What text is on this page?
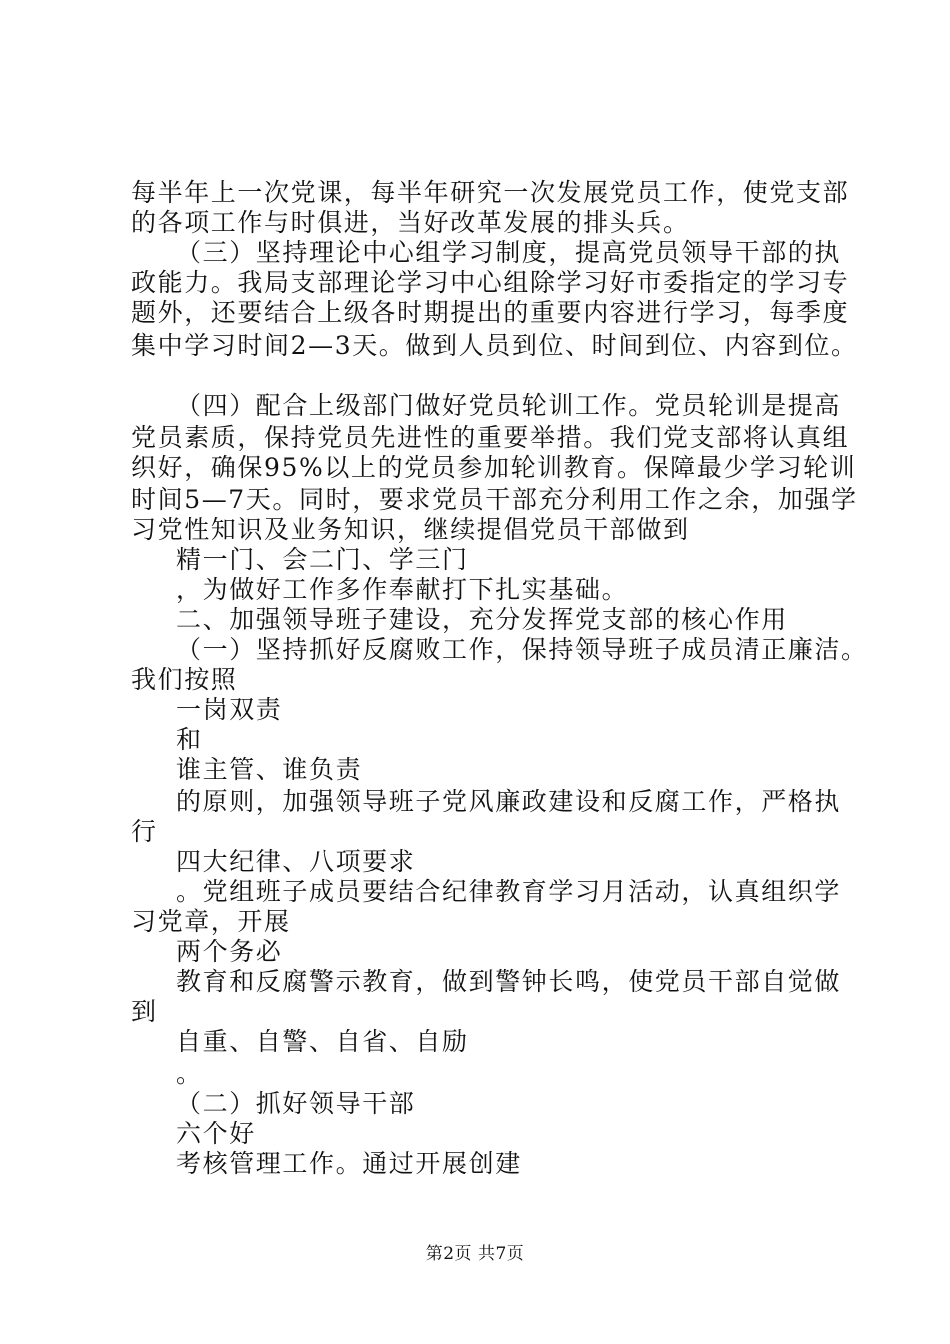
每半年上一次党课，每半年研究一次发展党员工作，使党支部
的各项工作与时俱进，当好改革发展的排头兵。
（三）坚持理论中心组学习制度，提高党员领导干部的执
政能力。我局支部理论学习中心组除学习好市委指定的学习专
题外，还要结合上级各时期提出的重要内容进行学习，每季度
集中学习时间2—3天。做到人员到位、时间到位、内容到位。
（四）配合上级部门做好党员轮训工作。党员轮训是提高
党员素质，保持党员先进性的重要举措。我们党支部将认真组
织好，确保95%以上的党员参加轮训教育。保障最少学习轮训
时间5—7天。同时，要求党员干部充分利用工作之余，加强学
习党性知识及业务知识，继续提倡党员干部做到
精一门、会二门、学三门
，为做好工作多作奉献打下扎实基础。
二、加强领导班子建设，充分发挥党支部的核心作用
（一）坚持抓好反腐败工作，保持领导班子成员清正廉洁。
我们按照
一岗双责
和
谁主管、谁负责
的原则，加强领导班子党风廉政建设和反腐工作，严格执
行
四大纪律、八项要求
。党组班子成员要结合纪律教育学习月活动，认真组织学
习党章，开展
两个务必
教育和反腐警示教育，做到警钟长鸣，使党员干部自觉做
到
自重、自警、自省、自励
。
（二）抓好领导干部
六个好
考核管理工作。通过开展创建
第2页 共7页
